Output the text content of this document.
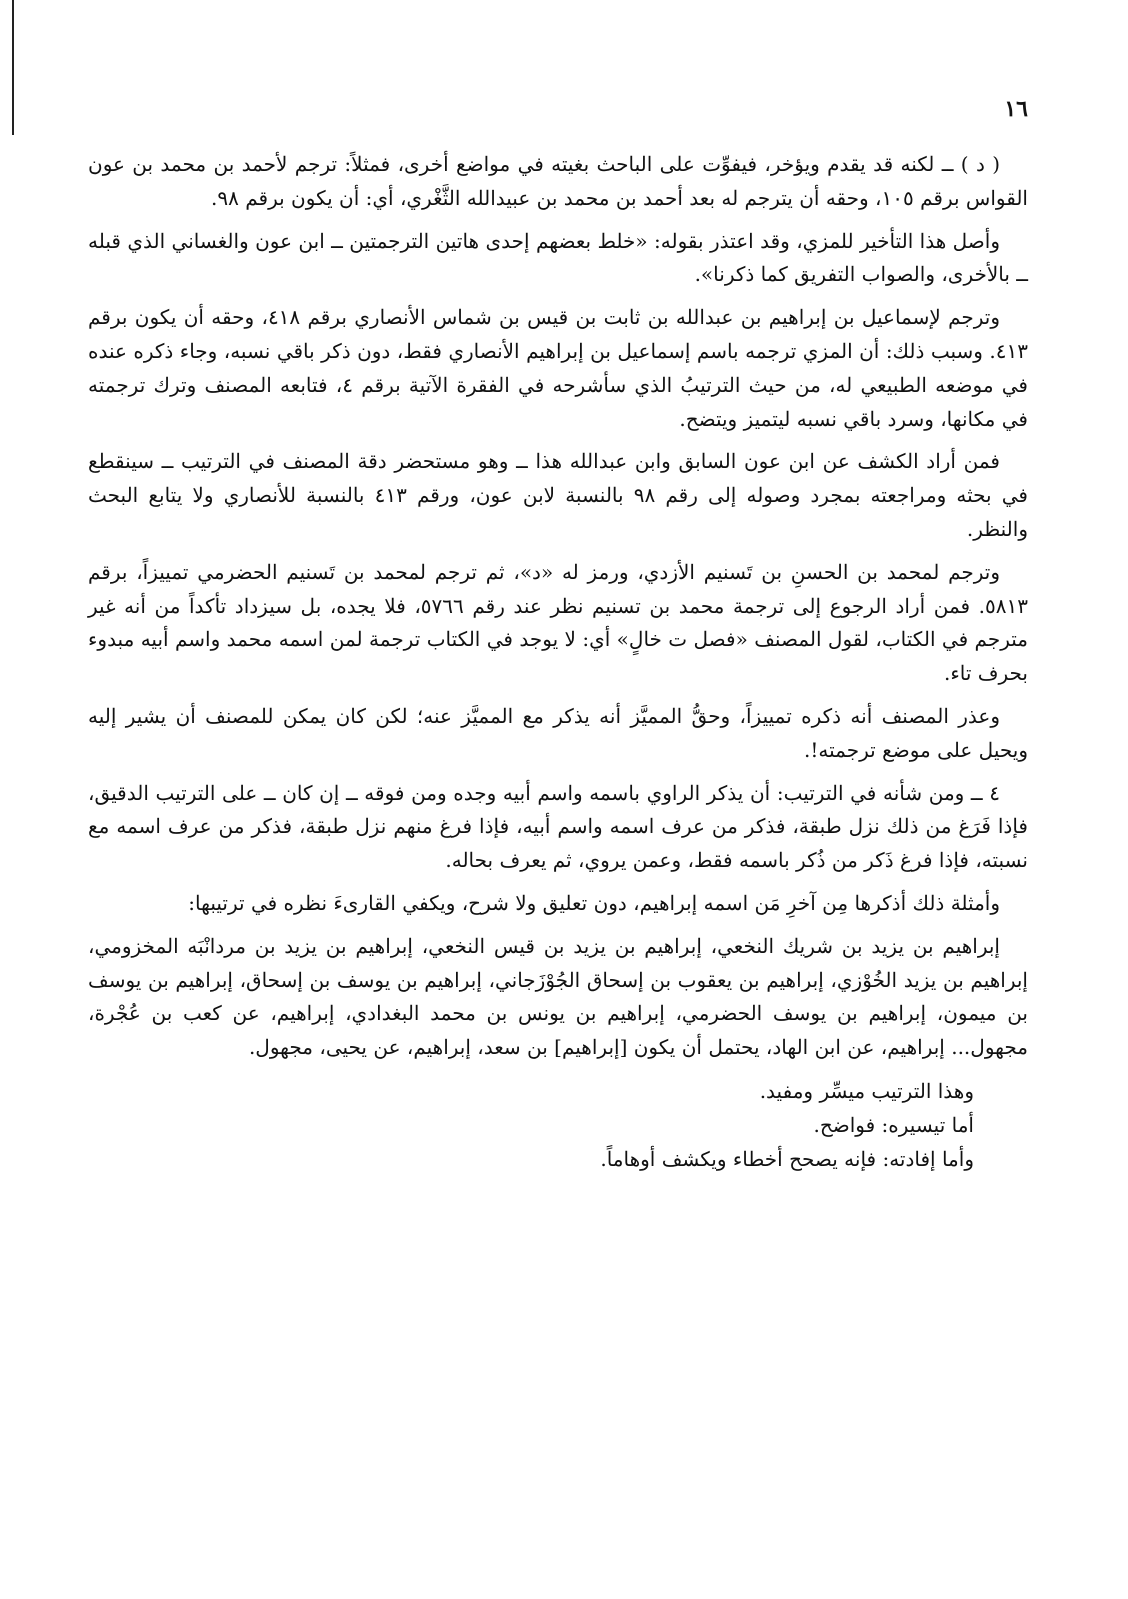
١٦

( د ) ــ لكنه قد يقدم ويؤخر، فيفوِّت على الباحث بغيته في مواضع أخرى، فمثلاً: ترجم لأحمد بن محمد بن عون القواس برقم ١٠٥، وحقه أن يترجم له بعد أحمد بن محمد بن عبيدالله الثَّغْري، أي: أن يكون برقم ٩٨.

وأصل هذا التأخير للمزي، وقد اعتذر بقوله: «خلط بعضهم إحدى هاتين الترجمتين ــ ابن عون والغساني الذي قبله ــ بالأخرى، والصواب التفريق كما ذكرنا».

وترجم لإسماعيل بن إبراهيم بن عبدالله بن ثابت بن قيس بن شماس الأنصاري برقم ٤١٨، وحقه أن يكون برقم ٤١٣. وسبب ذلك: أن المزي ترجمه باسم إسماعيل بن إبراهيم الأنصاري فقط، دون ذكر باقي نسبه، وجاء ذكره عنده في موضعه الطبيعي له، من حيث الترتيبُ الذي سأشرحه في الفقرة الآتية برقم ٤، فتابعه المصنف وترك ترجمته في مكانها، وسرد باقي نسبه ليتميز ويتضح.

فمن أراد الكشف عن ابن عون السابق وابن عبدالله هذا ــ وهو مستحضر دقة المصنف في الترتيب ــ سينقطع في بحثه ومراجعته بمجرد وصوله إلى رقم ٩٨ بالنسبة لابن عون، ورقم ٤١٣ بالنسبة للأنصاري ولا يتابع البحث والنظر.

وترجم لمحمد بن الحسنِ بن تَسنيم الأزدي، ورمز له «د»، ثم ترجم لمحمد بن تَسنيم الحضرمي تمييزاً، برقم ٥٨١٣. فمن أراد الرجوع إلى ترجمة محمد بن تسنيم نظر عند رقم ٥٧٦٦، فلا يجده، بل سيزداد تأكداً من أنه غير مترجم في الكتاب، لقول المصنف «فصل ت خالٍ» أي: لا يوجد في الكتاب ترجمة لمن اسمه محمد واسم أبيه مبدوء بحرف تاء.

وعذر المصنف أنه ذكره تمييزاً، وحقُّ المميَّز أنه يذكر مع المميَّز عنه؛ لكن كان يمكن للمصنف أن يشير إليه ويحيل على موضع ترجمته!.

٤ ــ ومن شأنه في الترتيب: أن يذكر الراوي باسمه واسم أبيه وجده ومن فوقه ــ إن كان ــ على الترتيب الدقيق، فإذا فَرَغ من ذلك نزل طبقة، فذكر من عرف اسمه واسم أبيه، فإذا فرغ منهم نزل طبقة، فذكر من عرف اسمه مع نسبته، فإذا فرغ ذَكر من ذُكر باسمه فقط، وعمن يروي، ثم يعرف بحاله.

وأمثلة ذلك أذكرها مِن آخرِ مَن اسمه إبراهيم، دون تعليق ولا شرح، ويكفي القارىءَ نظره في ترتيبها:

إبراهيم بن يزيد بن شريك النخعي، إبراهيم بن يزيد بن قيس النخعي، إبراهيم بن يزيد بن مردانْبَه المخزومي، إبراهيم بن يزيد الخُوْزي، إبراهيم بن يعقوب بن إسحاق الجُوْزَجاني، إبراهيم بن يوسف بن إسحاق، إبراهيم بن يوسف بن ميمون، إبراهيم بن يوسف الحضرمي، إبراهيم بن يونس بن محمد البغدادي، إبراهيم، عن كعب بن عُجْرة، مجهول... إبراهيم، عن ابن الهاد، يحتمل أن يكون [إبراهيم] بن سعد، إبراهيم، عن يحيى، مجهول.

وهذا الترتيب ميسِّر ومفيد.
أما تيسيره: فواضح.
وأما إفادته: فإنه يصحح أخطاء ويكشف أوهاماً.
